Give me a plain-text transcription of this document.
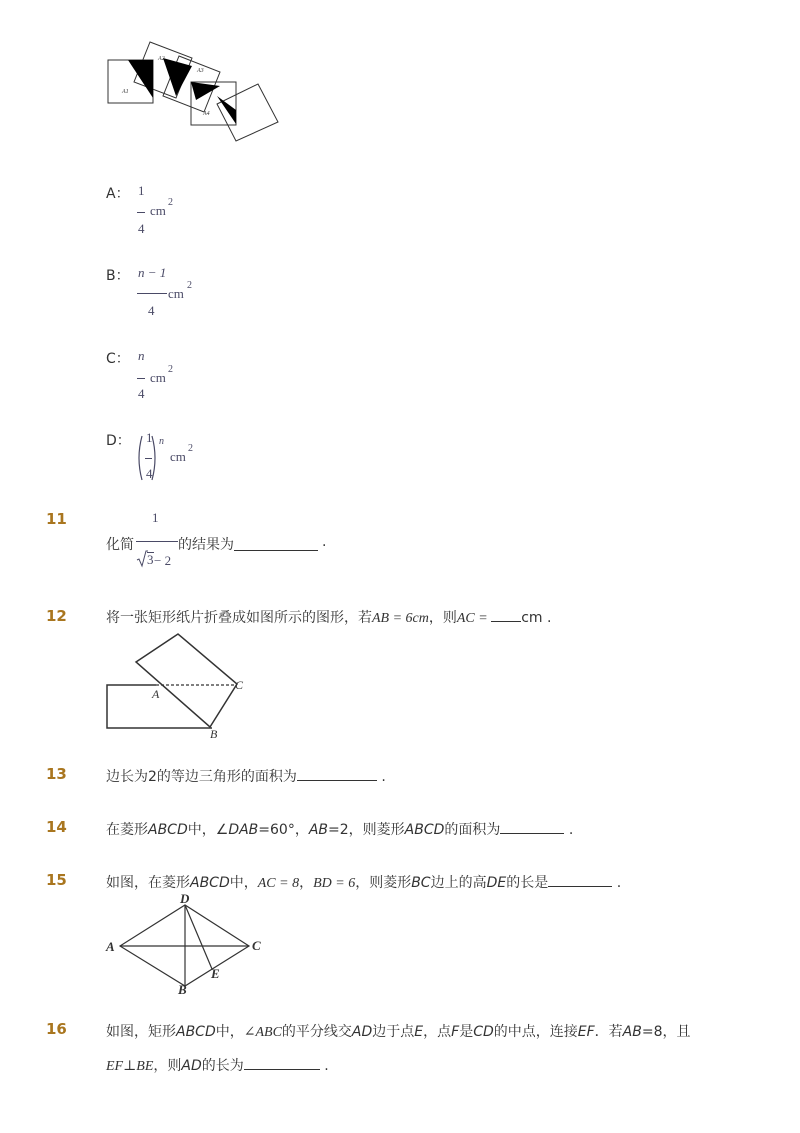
A1
A2
A3
A4
A： 1
4
cm
2
B： n − 1
4
cm
2
C： n
4
cm
2
D： 1
4
n
cm
2
11
化简
1
3 − 2
的结果为	.
12	将一张矩形纸片折叠成如图所示的图形，若AB = 6cm，则AC = cm .
A
B
C
13	边长为2的等边三角形的面积为	.
14	在菱形ABCD中，∠DAB=60°，AB=2，则菱形ABCD的面积为	.
15	如图，在菱形ABCD中，AC = 8，BD = 6，则菱形BC边上的高DE的长是	.
A
B
C
D
E
16	如图，矩形ABCD中，∠ABC的平分线交AD边于点E，点F是CD的中点，连接EF．若AB=8，且
EF⊥BE，则AD的长为	.
